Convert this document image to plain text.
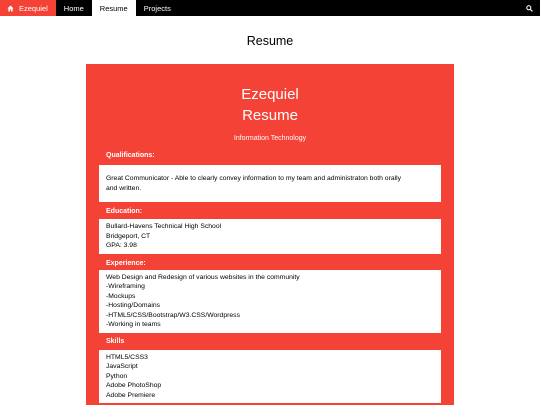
Ezequiel Home Resume Projects
Resume
Ezequiel
Resume
Information Technology
Qualifications:
Great Communicator - Able to clearly convey information to my team and administraton both orally
and written.
Education:
Bullard-Havens Technical High School
Bridgeport, CT
GPA: 3.98
Experience:
Web Design and Redesign of various websites in the community
-Wireframing
-Mockups
-Hosting/Domains
-HTML5/CSS/Bootstrap/W3.CSS/Wordpress
-Working in teams
Skills
HTML5/CSS3
JavaScript
Python
Adobe PhotoShop
Adobe Premiere
